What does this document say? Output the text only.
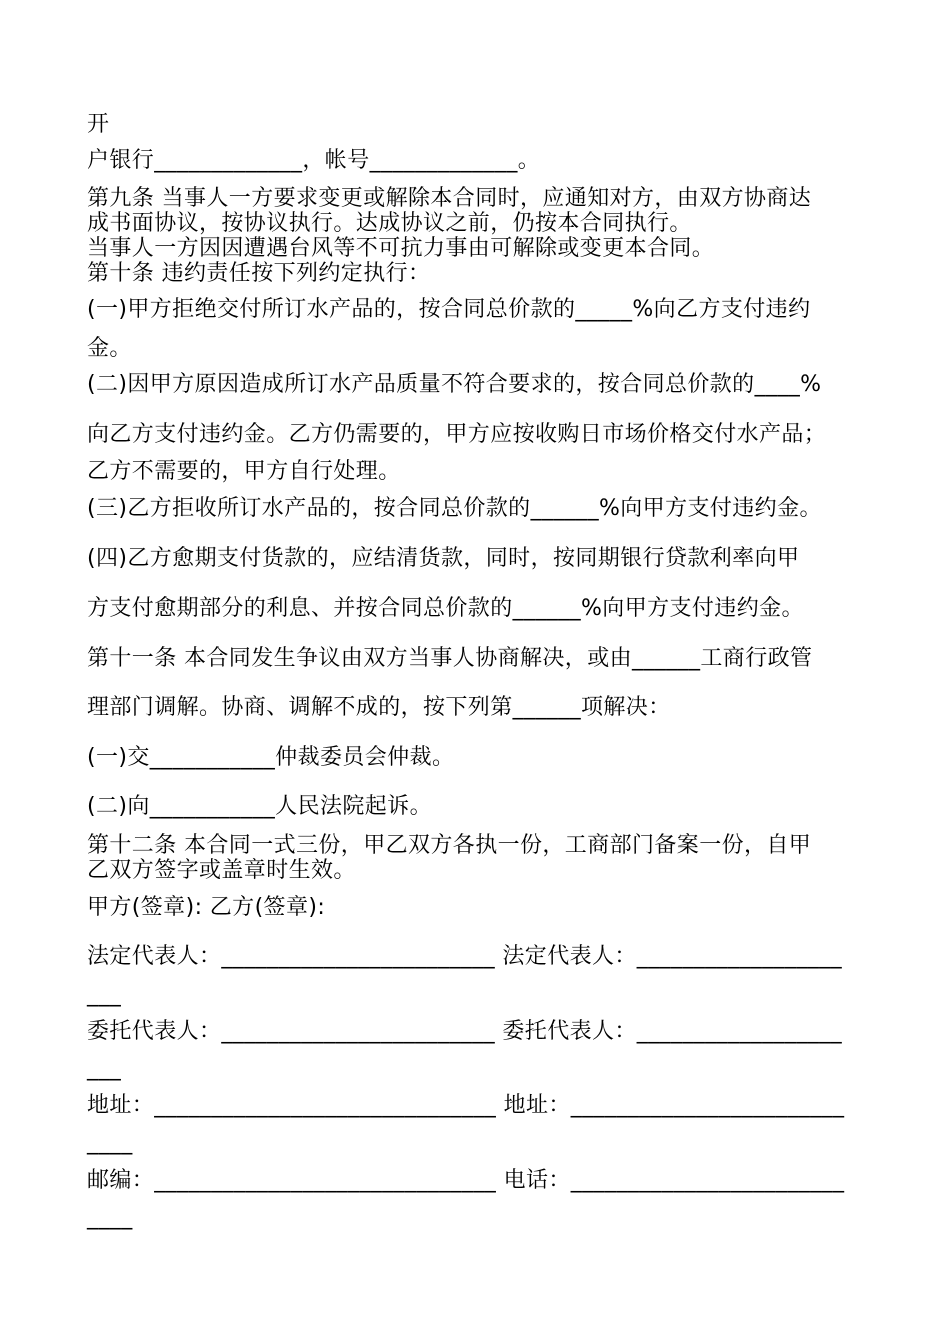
开
户银行_____________，帐号_____________。
第九条 当事人一方要求变更或解除本合同时，应通知对方，由双方协商达
成书面协议，按协议执行。达成协议之前，仍按本合同执行。
当事人一方因因遭遇台风等不可抗力事由可解除或变更本合同。
第十条 违约责任按下列约定执行：
(一)甲方拒绝交付所订水产品的，按合同总价款的_____%向乙方支付违约
金。
(二)因甲方原因造成所订水产品质量不符合要求的，按合同总价款的____%
向乙方支付违约金。乙方仍需要的，甲方应按收购日市场价格交付水产品；
乙方不需要的，甲方自行处理。
(三)乙方拒收所订水产品的，按合同总价款的______%向甲方支付违约金。
(四)乙方愈期支付货款的，应结清货款，同时，按同期银行贷款利率向甲
方支付愈期部分的利息、并按合同总价款的______%向甲方支付违约金。
第十一条 本合同发生争议由双方当事人协商解决，或由______工商行政管
理部门调解。协商、调解不成的，按下列第______项解决：
(一)交___________仲裁委员会仲裁。
(二)向___________人民法院起诉。
第十二条 本合同一式三份，甲乙双方各执一份，工商部门备案一份，自甲
乙双方签字或盖章时生效。
甲方(签章): 乙方(签章):
法定代表人：________________________ 法定代表人：__________________
___
委托代表人：________________________ 委托代表人：__________________
___
地址：______________________________ 地址：________________________
____
邮编：______________________________ 电话：________________________
____
